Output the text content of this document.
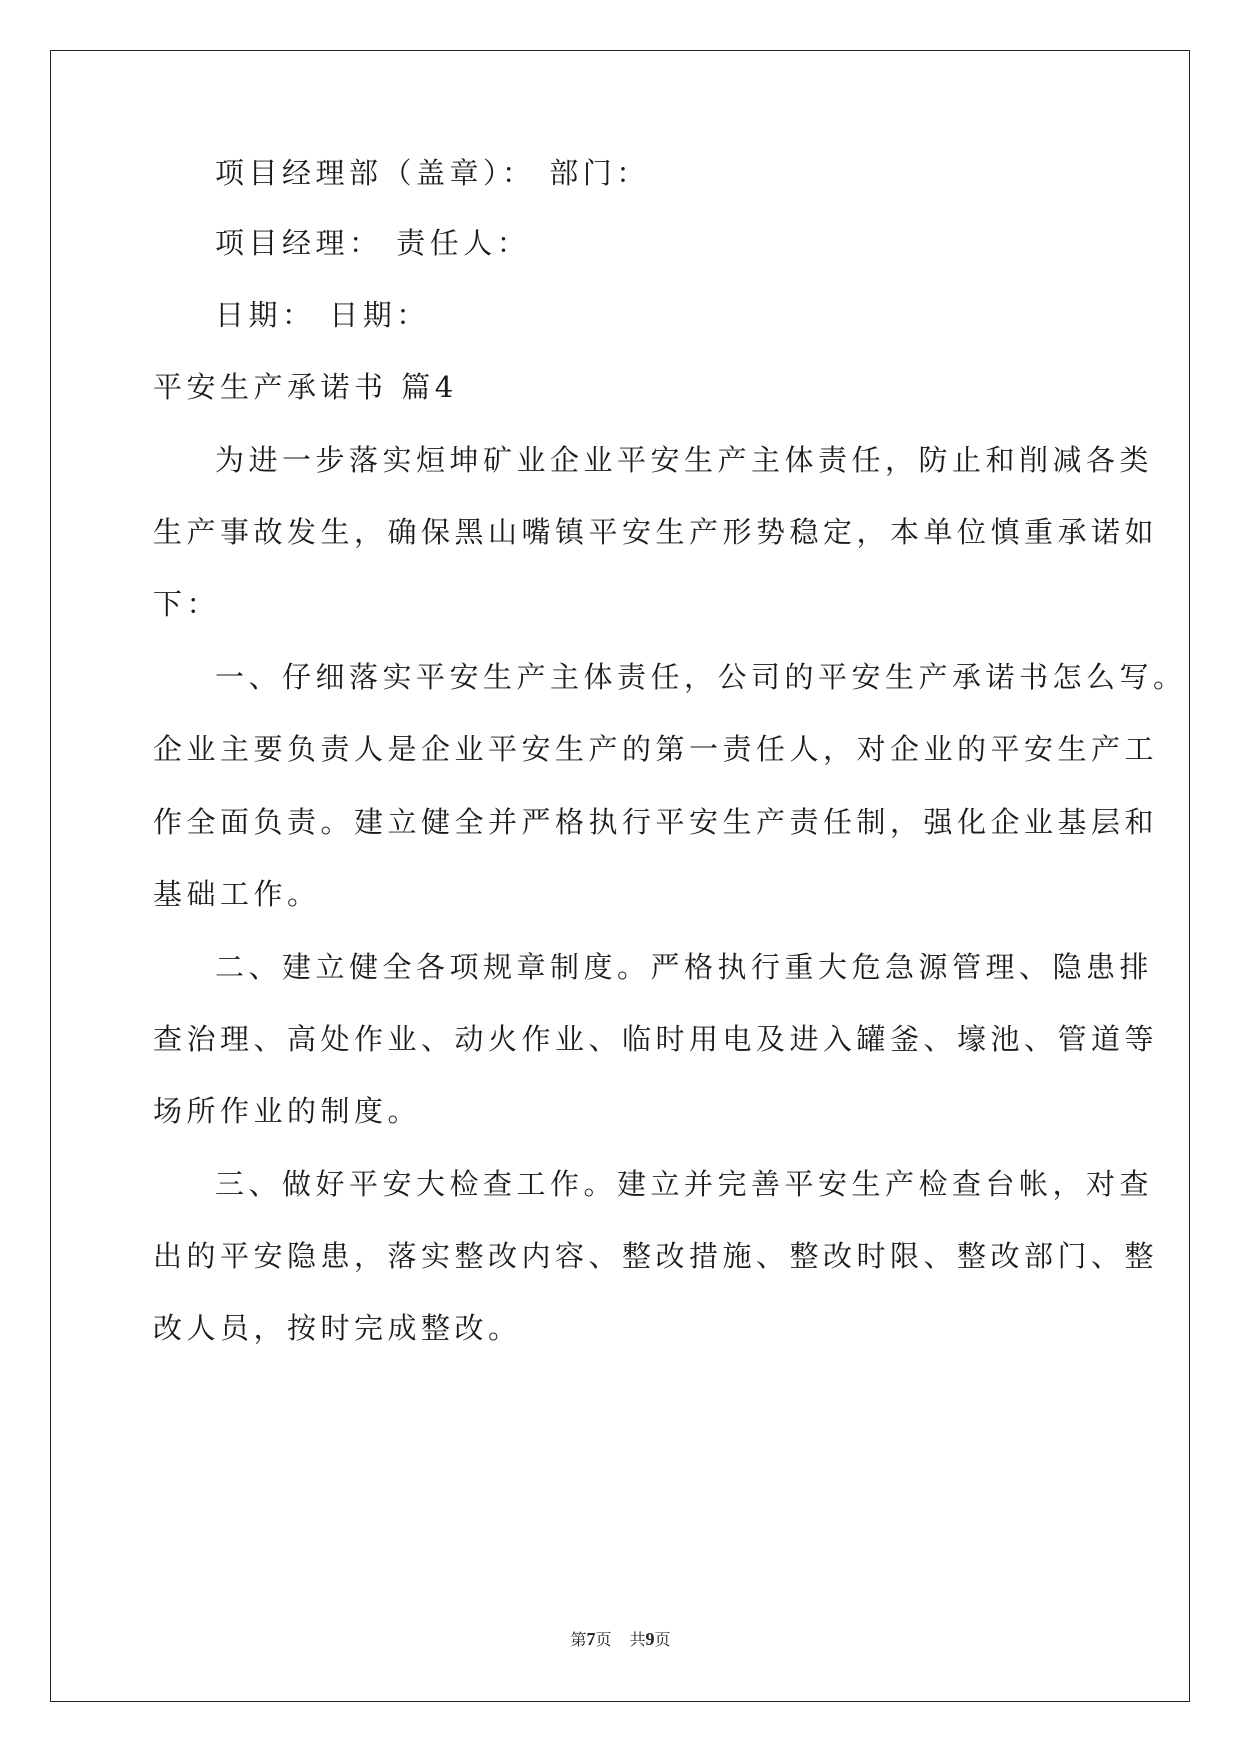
项目经理部（盖章）： 部门：
项目经理： 责任人：
日期： 日期：
平安生产承诺书 篇4
为进一步落实烜坤矿业企业平安生产主体责任，防止和削减各类
生产事故发生，确保黑山嘴镇平安生产形势稳定，本单位慎重承诺如
下：
一、仔细落实平安生产主体责任，公司的平安生产承诺书怎么写。
企业主要负责人是企业平安生产的第一责任人，对企业的平安生产工
作全面负责。建立健全并严格执行平安生产责任制，强化企业基层和
基础工作。
二、建立健全各项规章制度。严格执行重大危急源管理、隐患排
查治理、高处作业、动火作业、临时用电及进入罐釜、壕池、管道等
场所作业的制度。
三、做好平安大检查工作。建立并完善平安生产检查台帐，对查
出的平安隐患，落实整改内容、整改措施、整改时限、整改部门、整
改人员，按时完成整改。
第7页 共9页
